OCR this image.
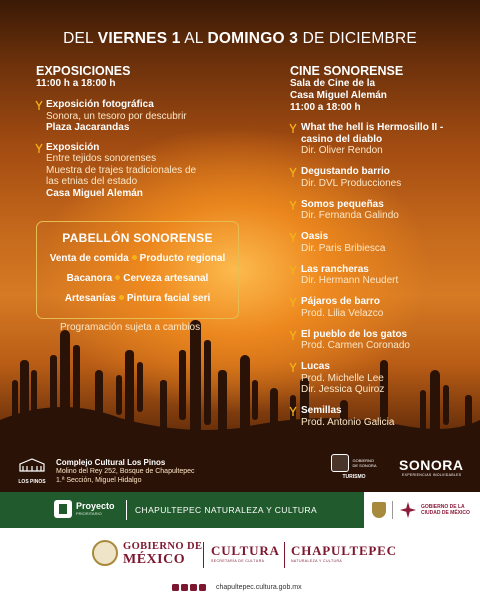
DEL VIERNES 1 AL DOMINGO 3 DE DICIEMBRE
EXPOSICIONES
11:00 h a 18:00 h
Exposición fotográfica
Sonora, un tesoro por descubrir
Plaza Jacarandas
Exposición
Entre tejidos sonorenses
Muestra de trajes tradicionales de
las etnias del estado
Casa Miguel Alemán
PABELLÓN SONORENSE
Venta de comida Producto regional
Bacanora Cerveza artesanal
Artesanías Pintura facial seri
Programación sujeta a cambios
CINE SONORENSE
Sala de Cine de la
Casa Miguel Alemán
11:00 a 18:00 h
What the hell is Hermosillo II -
casino del diablo
Dir. Oliver Rendon
Degustando barrio
Dir. DVL Producciones
Somos pequeñas
Dir. Fernanda Galindo
Oasis
Dir. Paris Bribiesca
Las rancheras
Dir. Hermann Neudert
Pájaros de barro
Prod. Lilia Velazco
El pueblo de los gatos
Prod. Carmen Coronado
Lucas
Prod. Michelle Lee
Dir. Jessica Quiroz
Semillas
Prod. Antonio Galicia
LOS PINOS
Complejo Cultural Los Pinos
Molino del Rey 252, Bosque de Chapultepec
1.ª Sección, Miguel Hidalgo
GOBIERNO
DE SONORA
TURISMO
SONORA
EXPERIENCIAS INOLVIDABLES
Proyecto
PRIORITARIO	CHAPULTEPEC NATURALEZA Y CULTURA	GOBIERNO DE LA
CIUDAD DE MÉXICO
GOBIERNO DE
MÉXICO
CULTURA
SECRETARÍA DE CULTURA
CHAPULTEPEC
NATURALEZA Y CULTURA
chapultepec.cultura.gob.mx
